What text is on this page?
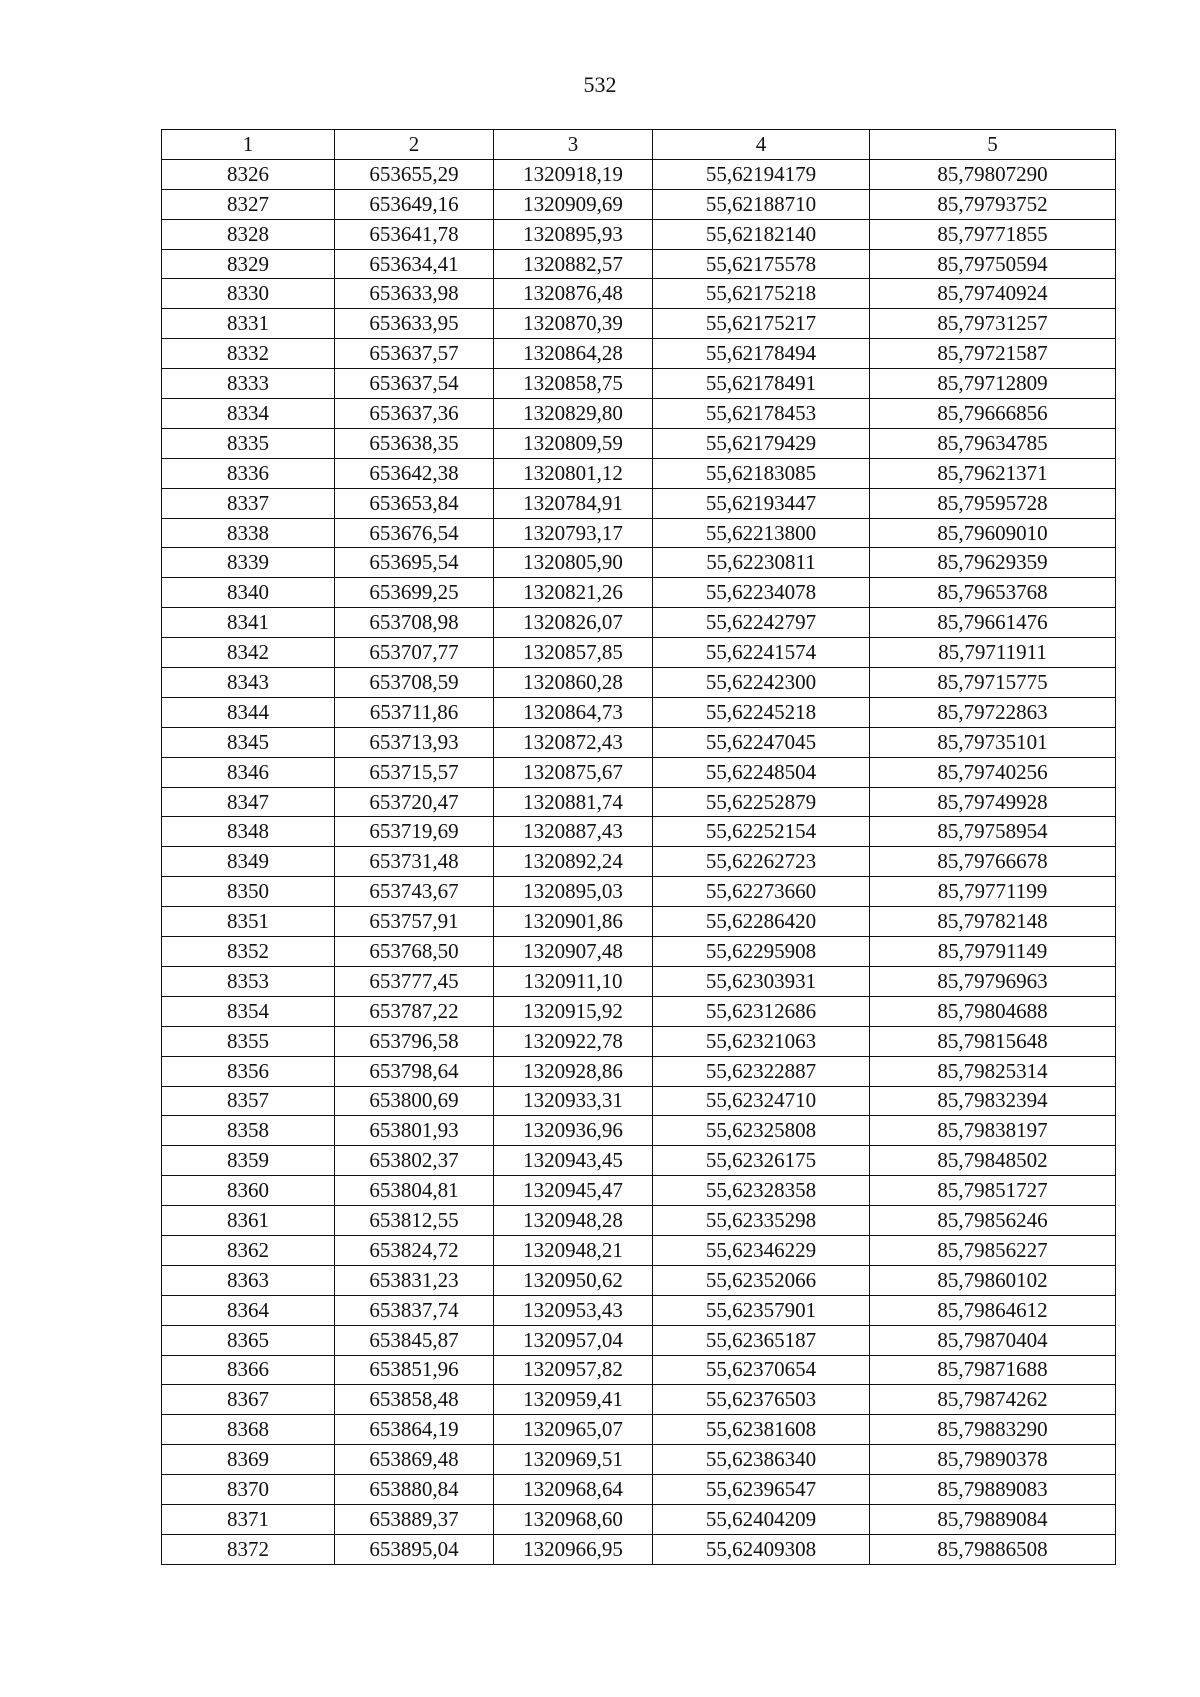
532
1	2	3	4	5
8326	653655,29	1320918,19	55,62194179	85,79807290
8327	653649,16	1320909,69	55,62188710	85,79793752
8328	653641,78	1320895,93	55,62182140	85,79771855
8329	653634,41	1320882,57	55,62175578	85,79750594
8330	653633,98	1320876,48	55,62175218	85,79740924
8331	653633,95	1320870,39	55,62175217	85,79731257
8332	653637,57	1320864,28	55,62178494	85,79721587
8333	653637,54	1320858,75	55,62178491	85,79712809
8334	653637,36	1320829,80	55,62178453	85,79666856
8335	653638,35	1320809,59	55,62179429	85,79634785
8336	653642,38	1320801,12	55,62183085	85,79621371
8337	653653,84	1320784,91	55,62193447	85,79595728
8338	653676,54	1320793,17	55,62213800	85,79609010
8339	653695,54	1320805,90	55,62230811	85,79629359
8340	653699,25	1320821,26	55,62234078	85,79653768
8341	653708,98	1320826,07	55,62242797	85,79661476
8342	653707,77	1320857,85	55,62241574	85,79711911
8343	653708,59	1320860,28	55,62242300	85,79715775
8344	653711,86	1320864,73	55,62245218	85,79722863
8345	653713,93	1320872,43	55,62247045	85,79735101
8346	653715,57	1320875,67	55,62248504	85,79740256
8347	653720,47	1320881,74	55,62252879	85,79749928
8348	653719,69	1320887,43	55,62252154	85,79758954
8349	653731,48	1320892,24	55,62262723	85,79766678
8350	653743,67	1320895,03	55,62273660	85,79771199
8351	653757,91	1320901,86	55,62286420	85,79782148
8352	653768,50	1320907,48	55,62295908	85,79791149
8353	653777,45	1320911,10	55,62303931	85,79796963
8354	653787,22	1320915,92	55,62312686	85,79804688
8355	653796,58	1320922,78	55,62321063	85,79815648
8356	653798,64	1320928,86	55,62322887	85,79825314
8357	653800,69	1320933,31	55,62324710	85,79832394
8358	653801,93	1320936,96	55,62325808	85,79838197
8359	653802,37	1320943,45	55,62326175	85,79848502
8360	653804,81	1320945,47	55,62328358	85,79851727
8361	653812,55	1320948,28	55,62335298	85,79856246
8362	653824,72	1320948,21	55,62346229	85,79856227
8363	653831,23	1320950,62	55,62352066	85,79860102
8364	653837,74	1320953,43	55,62357901	85,79864612
8365	653845,87	1320957,04	55,62365187	85,79870404
8366	653851,96	1320957,82	55,62370654	85,79871688
8367	653858,48	1320959,41	55,62376503	85,79874262
8368	653864,19	1320965,07	55,62381608	85,79883290
8369	653869,48	1320969,51	55,62386340	85,79890378
8370	653880,84	1320968,64	55,62396547	85,79889083
8371	653889,37	1320968,60	55,62404209	85,79889084
8372	653895,04	1320966,95	55,62409308	85,79886508
